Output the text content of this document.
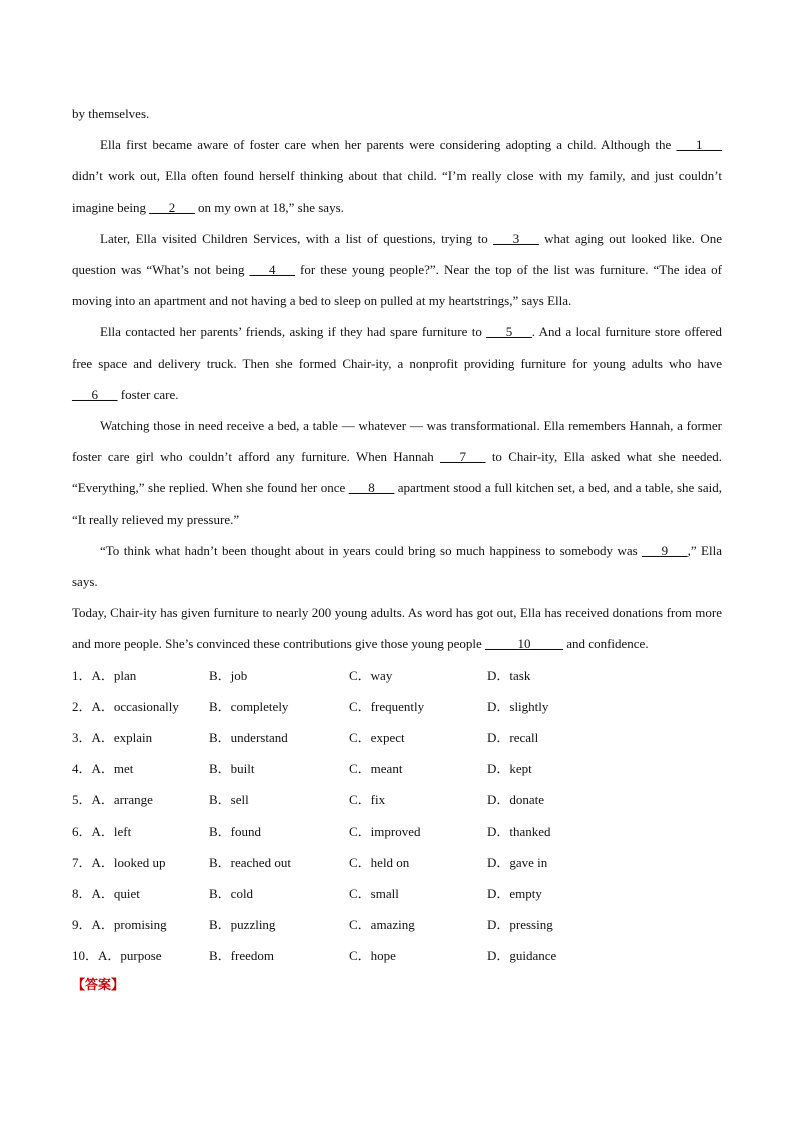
by themselves.

Ella first became aware of foster care when her parents were considering adopting a child. Although the ___1___ didn’t work out, Ella often found herself thinking about that child. “I’m really close with my family, and just couldn’t imagine being ___2___ on my own at 18,” she says.

Later, Ella visited Children Services, with a list of questions, trying to ___3___ what aging out looked like. One question was “What’s not being ___4___ for these young people?”. Near the top of the list was furniture. “The idea of moving into an apartment and not having a bed to sleep on pulled at my heartstrings,” says Ella.

Ella contacted her parents’ friends, asking if they had spare furniture to ___5___. And a local furniture store offered free space and delivery truck. Then she formed Chair-ity, a nonprofit providing furniture for young adults who have ___6___ foster care.

Watching those in need receive a bed, a table — whatever — was transformational. Ella remembers Hannah, a former foster care girl who couldn’t afford any furniture. When Hannah ___7___ to Chair-ity, Ella asked what she needed. “Everything,” she replied. When she found her once ___8___ apartment stood a full kitchen set, a bed, and a table, she said, “It really relieved my pressure.”

“To think what hadn’t been thought about in years could bring so much happiness to somebody was ___9___,” Ella says.

Today, Chair-ity has given furniture to nearly 200 young adults. As word has got out, Ella has received donations from more and more people. She’s convinced these contributions give those young people _____10_____ and confidence.

1．A．plan	B．job	C．way	D．task
2．A．occasionally	B．completely	C．frequently	D．slightly
3．A．explain	B．understand	C．expect	D．recall
4．A．met	B．built	C．meant	D．kept
5．A．arrange	B．sell	C．fix	D．donate
6．A．left	B．found	C．improved	D．thanked
7．A．looked up	B．reached out	C．held on	D．gave in
8．A．quiet	B．cold	C．small	D．empty
9．A．promising	B．puzzling	C．amazing	D．pressing
10．A．purpose	B．freedom	C．hope	D．guidance
【答案】
